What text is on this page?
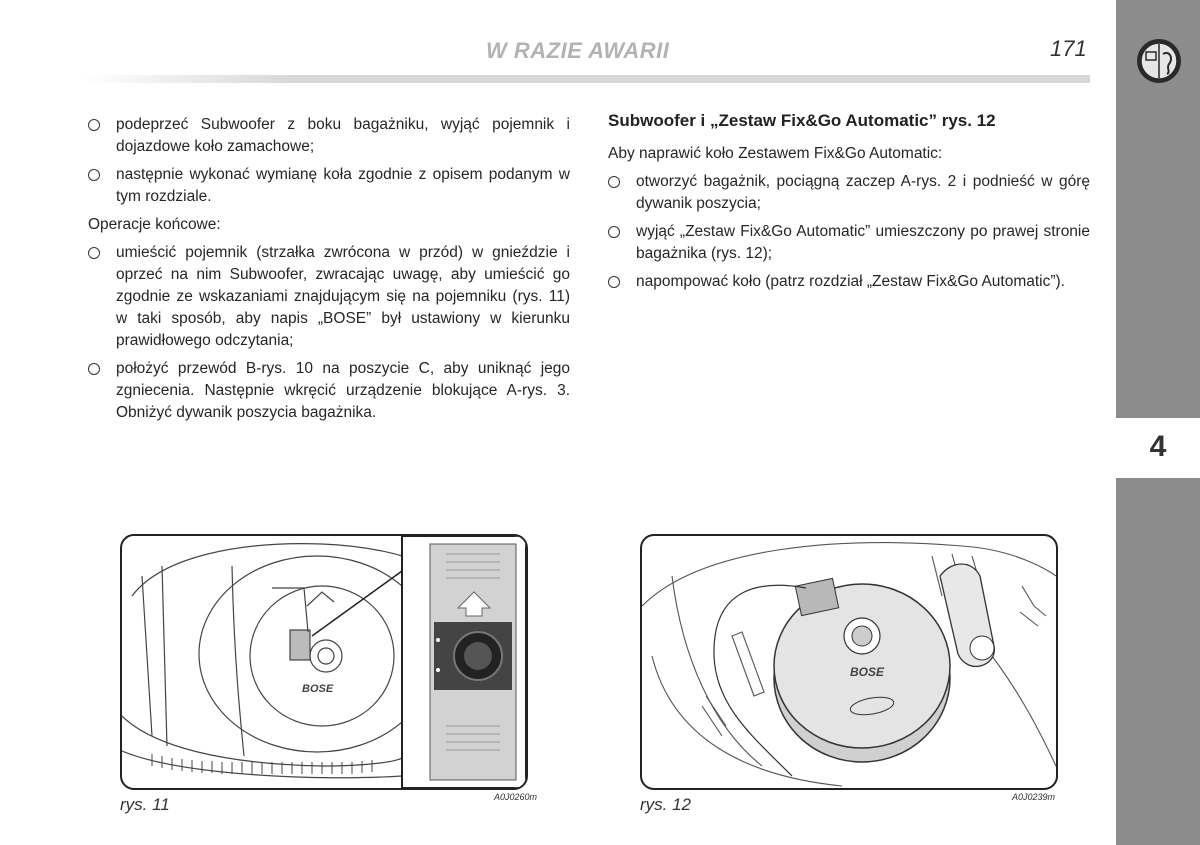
W RAZIE AWARII	171
4
podeprzeć Subwoofer z boku bagażniku, wyjąć pojemnik i dojazdowe koło zamachowe;
następnie wykonać wymianę koła zgodnie z opisem podanym w tym rozdziale.
Operacje końcowe:
umieścić pojemnik (strzałka zwrócona w przód) w gnieździe i oprzeć na nim Subwoofer, zwracając uwagę, aby umieścić go zgodnie ze wskazaniami znajdującym się na pojemniku (rys. 11) w taki sposób, aby napis „BOSE” był ustawiony w kierunku prawidłowego odczytania;
położyć przewód B-rys. 10 na poszycie C, aby uniknąć jego zgniecenia. Następnie wkręcić urządzenie blokujące A-rys. 3. Obniżyć dywanik poszycia bagażnika.
Subwoofer i „Zestaw Fix&Go Automatic” rys. 12
Aby naprawić koło Zestawem Fix&Go Automatic:
otworzyć bagażnik, pociągną zaczep A-rys. 2 i podnieść w górę dywanik poszycia;
wyjąć „Zestaw Fix&Go Automatic” umieszczony po prawej stronie bagażnika (rys. 12);
napompować koło (patrz rozdział „Zestaw Fix&Go Automatic”).
BOSE
rys. 11	A0J0260m
BOSE
rys. 12	A0J0239m
